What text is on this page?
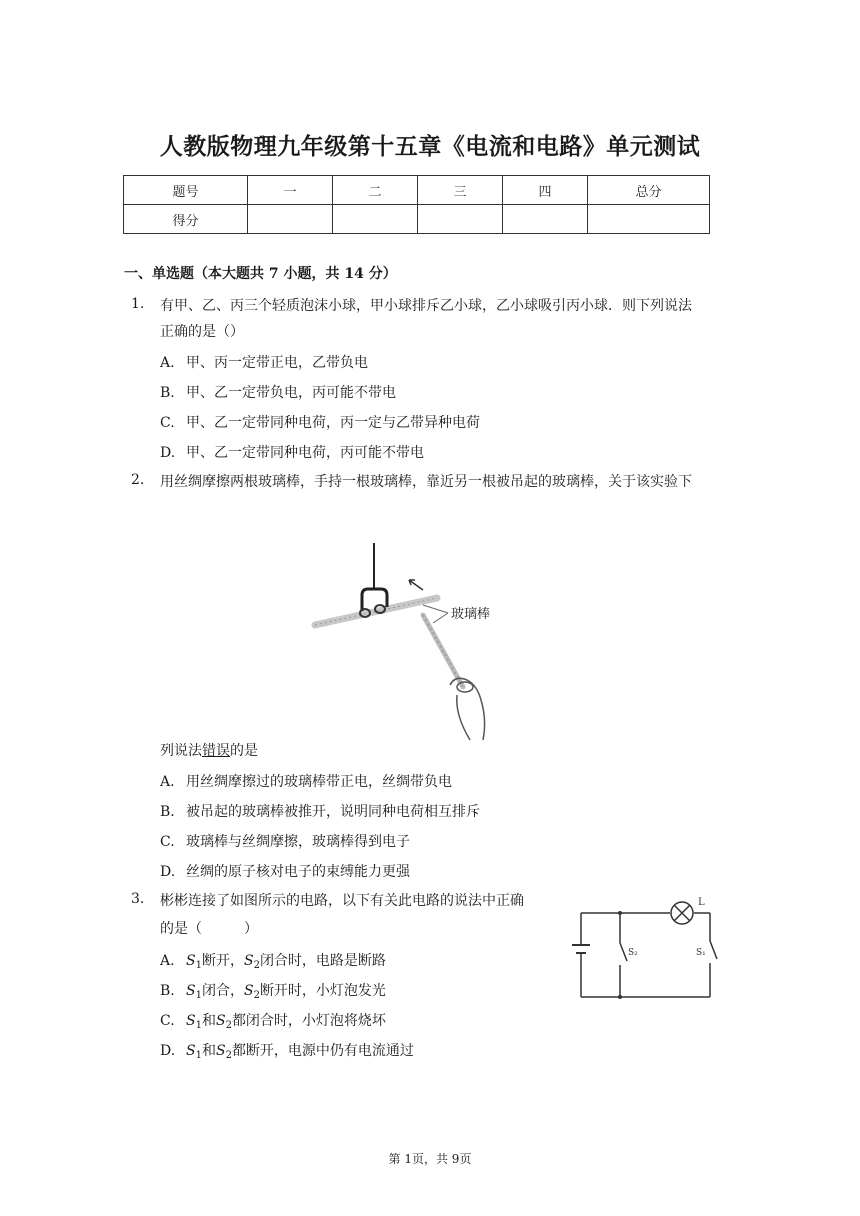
人教版物理九年级第十五章《电流和电路》单元测试
题号	一	二	三	四	总分
得分					
一、单选题（本大题共 7 小题，共 14 分）
1. 有甲、乙、丙三个轻质泡沫小球，甲小球排斥乙小球，乙小球吸引丙小球．则下列说法
正确的是（）
A. 甲、丙一定带正电，乙带负电
B. 甲、乙一定带负电，丙可能不带电
C. 甲、乙一定带同种电荷，丙一定与乙带异种电荷
D. 甲、乙一定带同种电荷，丙可能不带电
2. 用丝绸摩擦两根玻璃棒，手持一根玻璃棒，靠近另一根被吊起的玻璃棒，关于该实验下
玻璃棒
列说法错误的是
A. 用丝绸摩擦过的玻璃棒带正电，丝绸带负电
B. 被吊起的玻璃棒被推开，说明同种电荷相互排斥
C. 玻璃棒与丝绸摩擦，玻璃棒得到电子
D. 丝绸的原子核对电子的束缚能力更强
3. 彬彬连接了如图所示的电路，以下有关此电路的说法中正确
的是（　　　）
L
S₂	S₁
A. $S_1$断开，$S_2$闭合时，电路是断路
B. $S_1$闭合，$S_2$断开时，小灯泡发光
C. $S_1$和$S_2$都闭合时，小灯泡将烧坏
D. $S_1$和$S_2$都断开，电源中仍有电流通过
第 1页，共 9页
